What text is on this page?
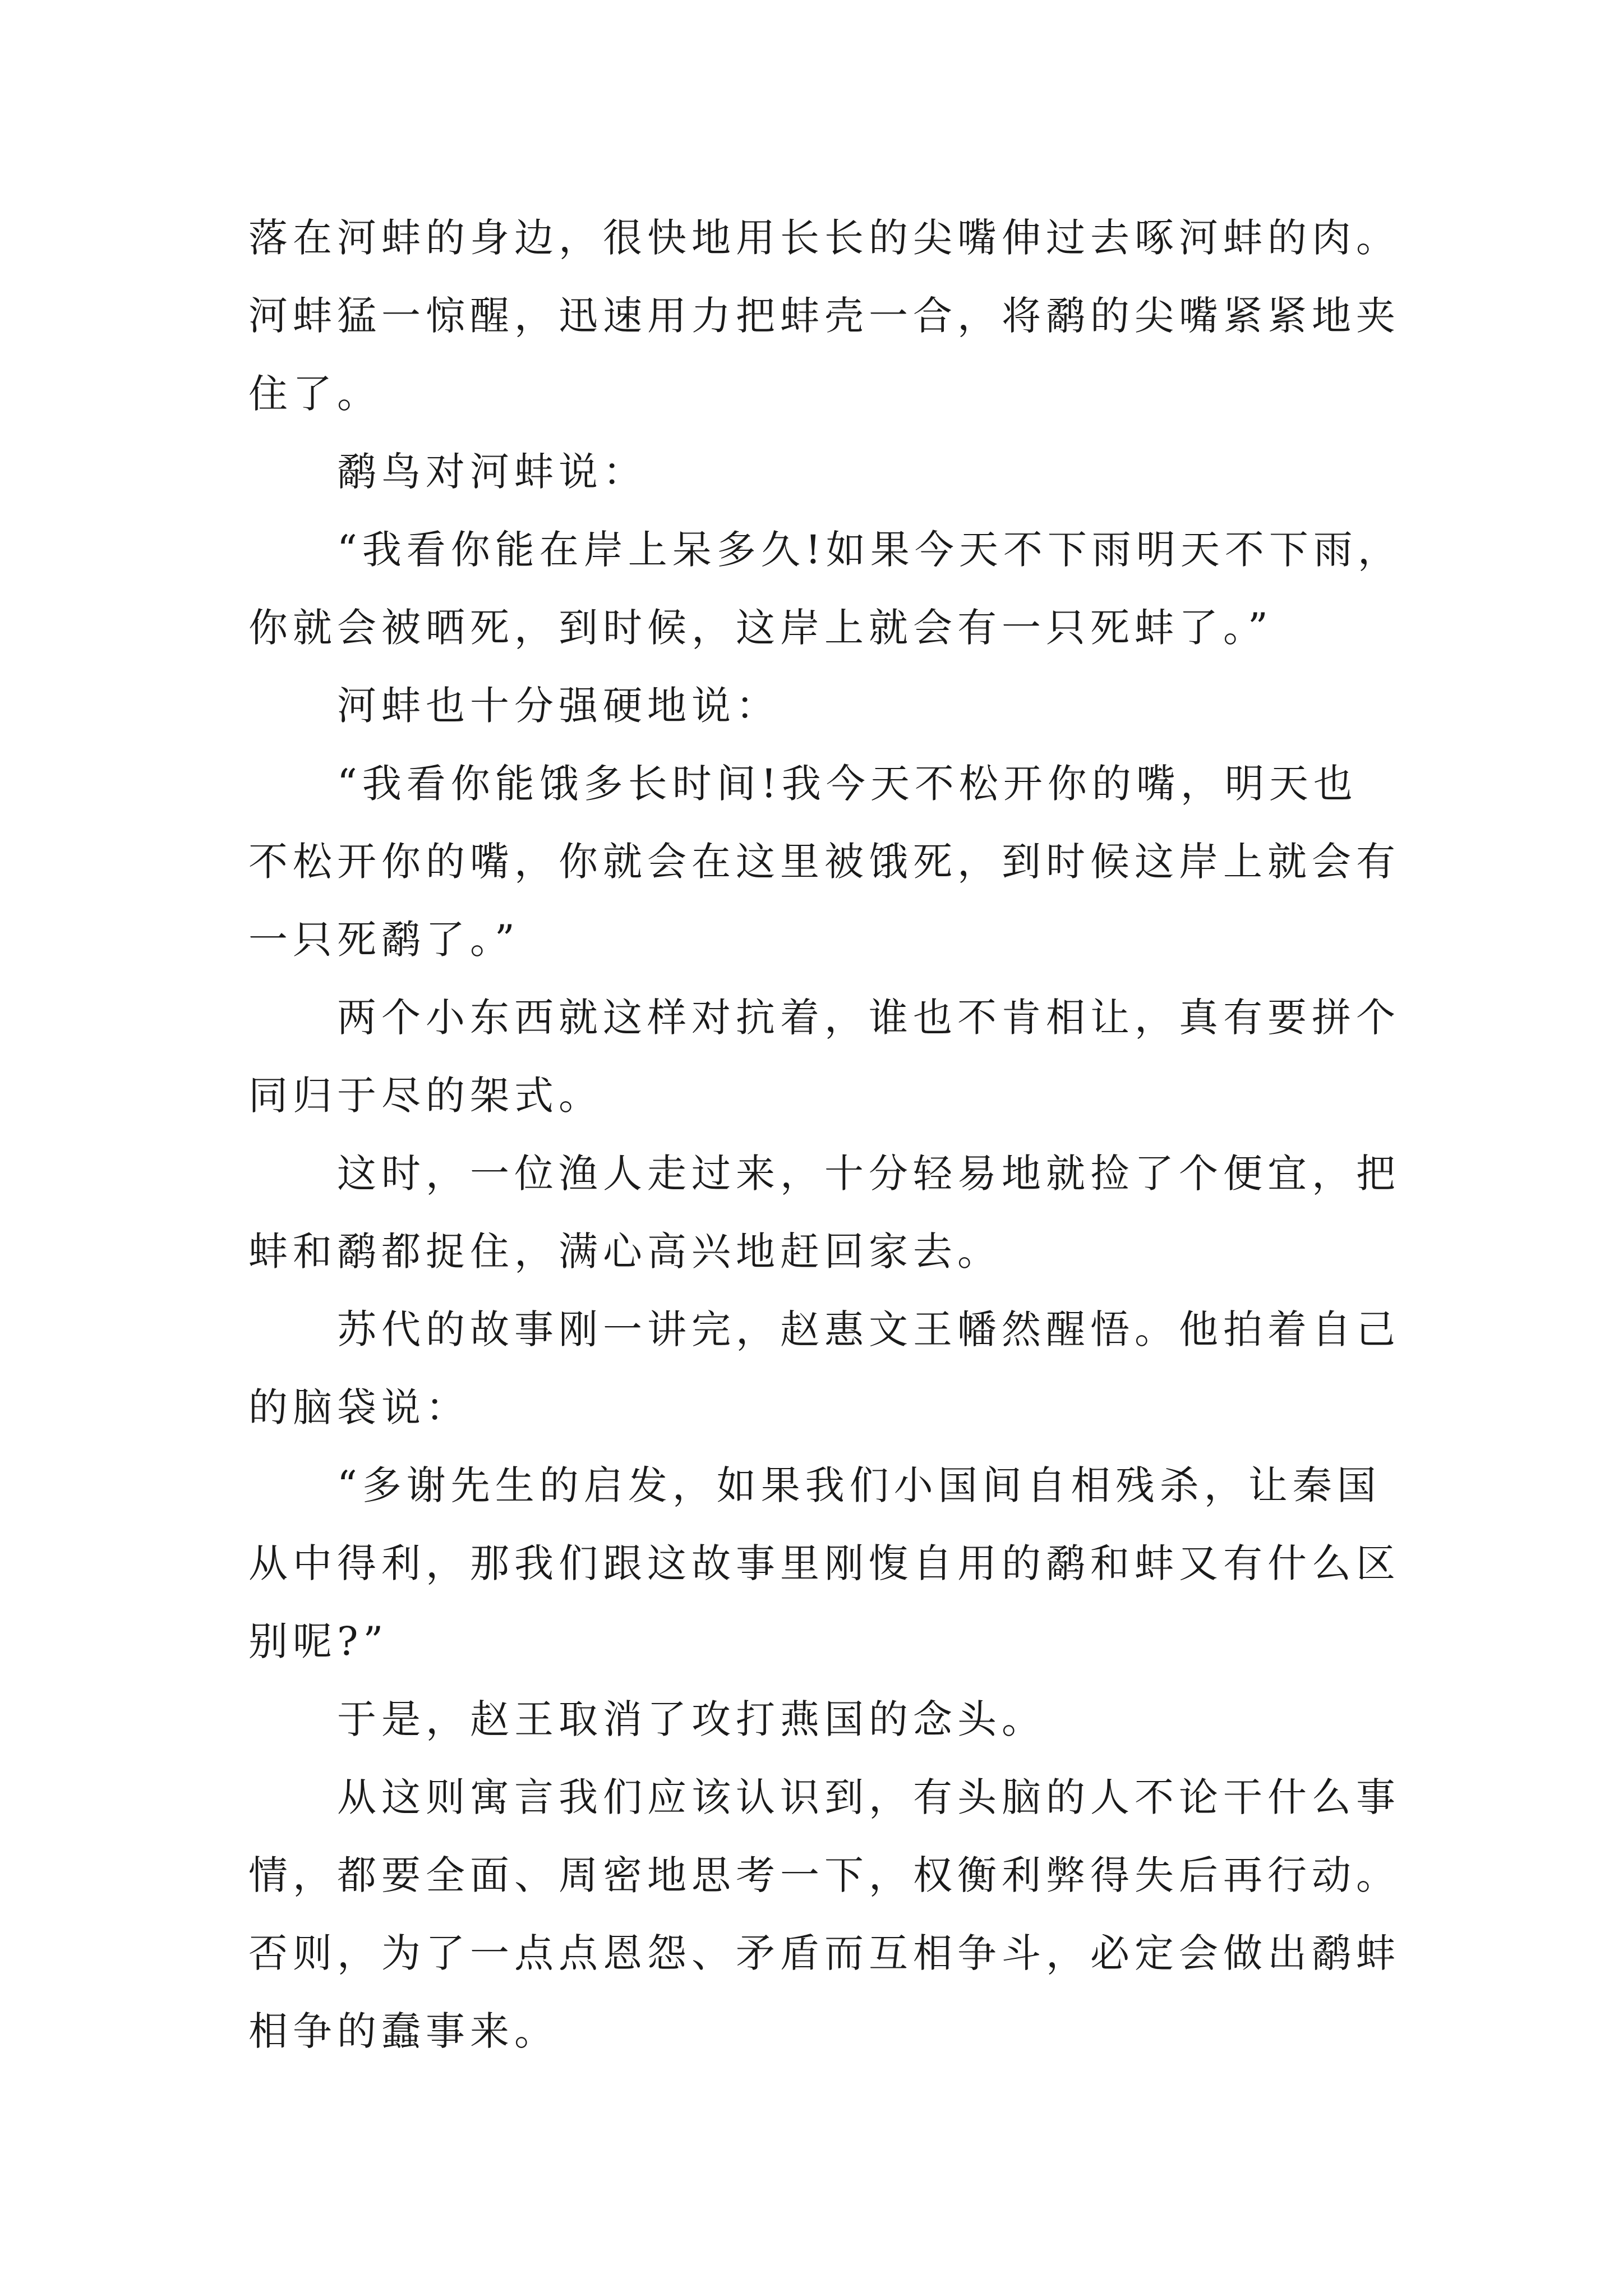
落在河蚌的身边，很快地用长长的尖嘴伸过去啄河蚌的肉。
河蚌猛一惊醒，迅速用力把蚌壳一合，将鹬的尖嘴紧紧地夹
住了。

鹬鸟对河蚌说：

“我看你能在岸上呆多久!如果今天不下雨明天不下雨，
你就会被晒死，到时候，这岸上就会有一只死蚌了。”

河蚌也十分强硬地说：

“我看你能饿多长时间!我今天不松开你的嘴，明天也
不松开你的嘴，你就会在这里被饿死，到时候这岸上就会有
一只死鹬了。”

两个小东西就这样对抗着，谁也不肯相让，真有要拼个
同归于尽的架式。

这时，一位渔人走过来，十分轻易地就捡了个便宜，把
蚌和鹬都捉住，满心高兴地赶回家去。

苏代的故事刚一讲完，赵惠文王幡然醒悟。他拍着自己
的脑袋说：

“多谢先生的启发，如果我们小国间自相残杀，让秦国
从中得利，那我们跟这故事里刚愎自用的鹬和蚌又有什么区
别呢?”

于是，赵王取消了攻打燕国的念头。

从这则寓言我们应该认识到，有头脑的人不论干什么事
情，都要全面、周密地思考一下，权衡利弊得失后再行动。
否则，为了一点点恩怨、矛盾而互相争斗，必定会做出鹬蚌
相争的蠢事来。
